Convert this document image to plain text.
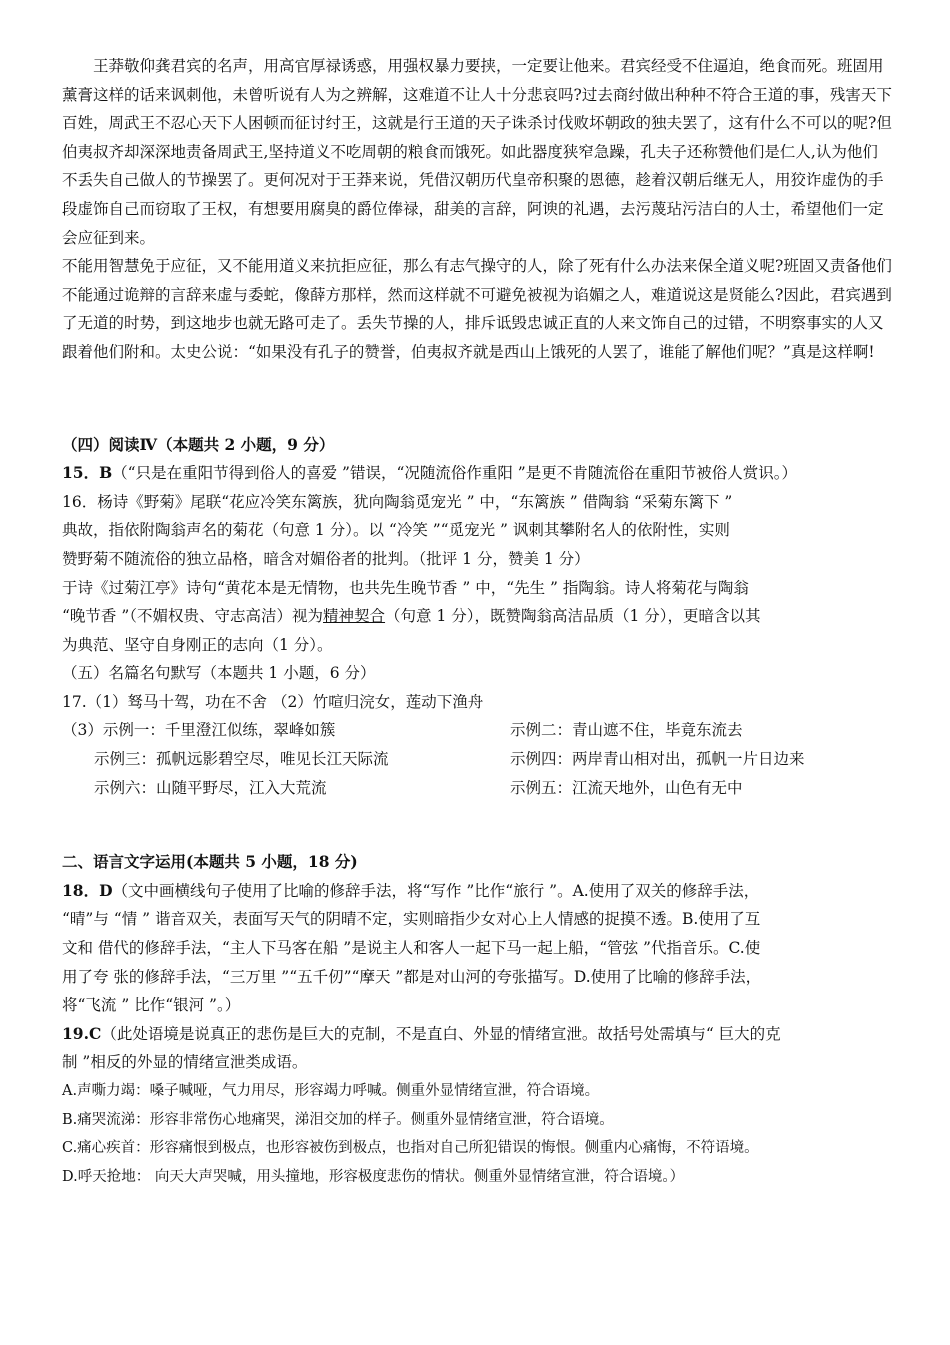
王莽敬仰龚君宾的名声，用高官厚禄诱惑，用强权暴力要挟，一定要让他来。君宾经受不住逼迫，绝食而死。班固用薰膏这样的话来讽刺他，未曾听说有人为之辨解，这难道不让人十分悲哀吗?过去商纣做出种种不符合王道的事，残害天下百姓，周武王不忍心天下人困顿而征讨纣王，这就是行王道的天子诛杀讨伐败坏朝政的独夫罢了，这有什么不可以的呢?但伯夷叔齐却深深地责备周武王,坚持道义不吃周朝的粮食而饿死。如此器度狭窄急躁，孔夫子还称赞他们是仁人,认为他们不丢失自己做人的节操罢了。更何况对于王莽来说，凭借汉朝历代皇帝积聚的恩德，趁着汉朝后继无人，用狡诈虚伪的手段虚饰自己而窃取了王权，有想要用腐臭的爵位俸禄，甜美的言辞，阿谀的礼遇，去污蔑玷污洁白的人士，希望他们一定会应征到来。

不能用智慧免于应征，又不能用道义来抗拒应征，那么有志气操守的人，除了死有什么办法来保全道义呢?班固又责备他们不能通过诡辩的言辞来虚与委蛇，像薛方那样，然而这样就不可避免被视为谄媚之人，难道说这是贤能么?因此，君宾遇到了无道的时势，到这地步也就无路可走了。丢失节操的人，排斥诋毁忠诚正直的人来文饰自己的过错，不明察事实的人又跟着他们附和。太史公说：“如果没有孔子的赞誉，伯夷叔齐就是西山上饿死的人罢了，谁能了解他们呢？”真是这样啊!

（四）阅读Ⅳ（本题共 2 小题，9 分）

15．B（“只是在重阳节得到俗人的喜爱 ”错误，“况随流俗作重阳 ”是更不肯随流俗在重阳节被俗人赏识。）

16．杨诗《野菊》尾联“花应冷笑东篱族，犹向陶翁觅宠光 ” 中，“东篱族 ” 借陶翁 “采菊东篱下 ”

典故，指依附陶翁声名的菊花（句意 1 分）。以 “冷笑 ”“觅宠光 ” 讽刺其攀附名人的依附性，实则

赞野菊不随流俗的独立品格，暗含对媚俗者的批判。（批评 1 分，赞美 1 分）

于诗《过菊江亭》诗句“黄花本是无情物，也共先生晚节香 ” 中，“先生 ” 指陶翁。诗人将菊花与陶翁

“晚节香 ”（不媚权贵、守志高洁）视为精神契合（句意 1 分），既赞陶翁高洁品质（1 分），更暗含以其

为典范、坚守自身刚正的志向（1 分）。

（五）名篇名句默写（本题共 1 小题，6 分）

17.（1）驽马十驾，功在不舍 （2）竹喧归浣女，莲动下渔舟

（3）示例一：千里澄江似练，翠峰如簇	示例二：青山遮不住，毕竟东流去
示例三：孤帆远影碧空尽，唯见长江天际流	示例四：两岸青山相对出，孤帆一片日边来
示例六：山随平野尽，江入大荒流	示例五：江流天地外，山色有无中

二、语言文字运用(本题共 5 小题，18 分)

18．D（文中画横线句子使用了比喻的修辞手法，将“写作 ”比作“旅行 ”。A.使用了双关的修辞手法，

“晴”与 “情 ” 谐音双关，表面写天气的阴晴不定，实则暗指少女对心上人情感的捉摸不透。B.使用了互

文和 借代的修辞手法，“主人下马客在船 ”是说主人和客人一起下马一起上船，“管弦 ”代指音乐。C.使

用了夸 张的修辞手法，“三万里 ”“五千仞”“摩天 ”都是对山河的夸张描写。D.使用了比喻的修辞手法，

将“飞流 ” 比作“银河 ”。）

19.C（此处语境是说真正的悲伤是巨大的克制，不是直白、外显的情绪宣泄。故括号处需填与“ 巨大的克

制 ”相反的外显的情绪宣泄类成语。

A.声嘶力竭：嗓子喊哑，气力用尽，形容竭力呼喊。侧重外显情绪宣泄，符合语境。

B.痛哭流涕：形容非常伤心地痛哭，涕泪交加的样子。侧重外显情绪宣泄，符合语境。

C.痛心疾首：形容痛恨到极点，也形容被伤到极点，也指对自己所犯错误的悔恨。侧重内心痛悔，不符语境。

D.呼天抢地： 向天大声哭喊，用头撞地，形容极度悲伤的情状。侧重外显情绪宣泄，符合语境。）
